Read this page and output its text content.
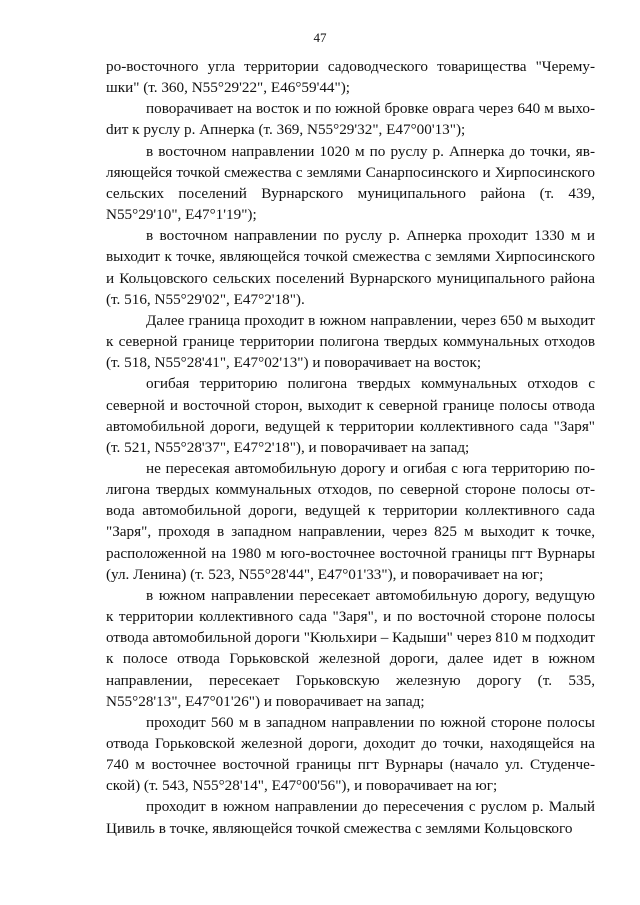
47

ро-восточного угла территории садоводческого товарищества "Черемушки" (т. 360, N55°29'22", E46°59'44");

поворачивает на восток и по южной бровке оврага через 640 м выхоdит к руслу р. Апнерка (т. 369, N55°29'32", E47°00'13");

в восточном направлении 1020 м по руслу р. Апнерка до точки, являющейся точкой смежества с землями Санарпосинского и Хирпосинского сельских поселений Вурнарского муниципального района (т. 439, N55°29'10", E47°1'19");

в восточном направлении по руслу р. Апнерка проходит 1330 м и выходит к точке, являющейся точкой смежества с землями Хирпосинского и Кольцовского сельских поселений Вурнарского муниципального района (т. 516, N55°29'02", E47°2'18").

Далее граница проходит в южном направлении, через 650 м выходит к северной границе территории полигона твердых коммунальных отходов (т. 518, N55°28'41", E47°02'13") и поворачивает на восток;

огибая территорию полигона твердых коммунальных отходов с северной и восточной сторон, выходит к северной границе полосы отвода автомобильной дороги, ведущей к территории коллективного сада "Заря" (т. 521, N55°28'37", E47°2'18"), и поворачивает на запад;

не пересекая автомобильную дорогу и огибая с юга территорию полигона твердых коммунальных отходов, по северной стороне полосы отвода автомобильной дороги, ведущей к территории коллективного сада "Заря", проходя в западном направлении, через 825 м выходит к точке, расположенной на 1980 м юго-восточнее восточной границы пгт Вурнары (ул. Ленина) (т. 523, N55°28'44", E47°01'33"), и поворачивает на юг;

в южном направлении пересекает автомобильную дорогу, ведущую к территории коллективного сада "Заря", и по восточной стороне полосы отвода автомобильной дороги "Кюльхири – Кадыши" через 810 м подходит к полосе отвода Горьковской железной дороги, далее идет в южном направлении, пересекает Горьковскую железную дорогу (т. 535, N55°28'13", E47°01'26") и поворачивает на запад;

проходит 560 м в западном направлении по южной стороне полосы отвода Горьковской железной дороги, доходит до точки, находящейся на 740 м восточнее восточной границы пгт Вурнары (начало ул. Студенческой) (т. 543, N55°28'14", E47°00'56"), и поворачивает на юг;

проходит в южном направлении до пересечения с руслом р. Малый Цивиль в точке, являющейся точкой смежества с землями Кольцовского
